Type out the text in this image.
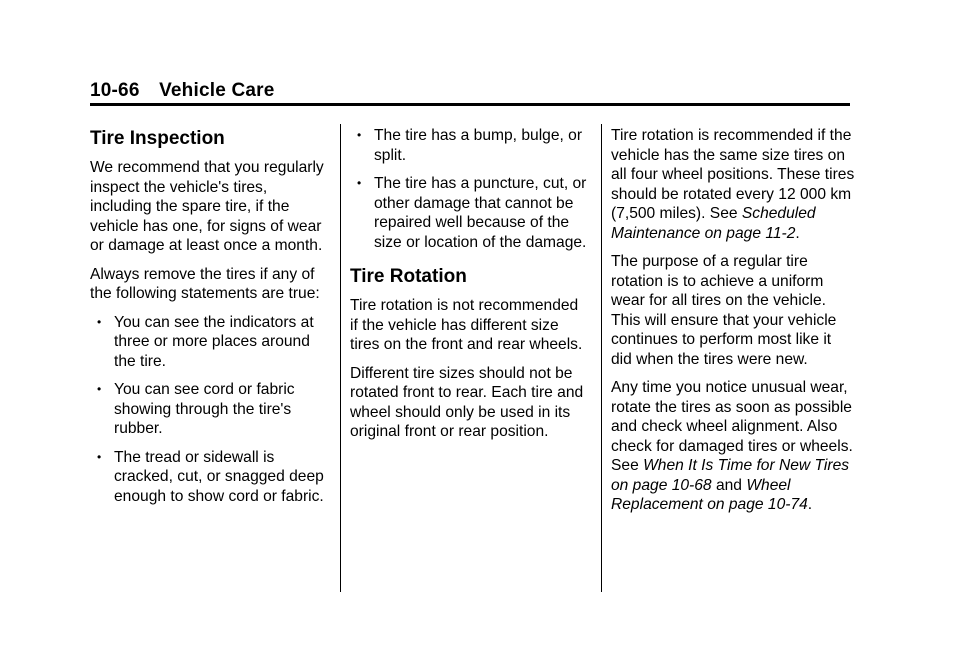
10-66 Vehicle Care
Tire Inspection

We recommend that you regularly inspect the vehicle's tires, including the spare tire, if the vehicle has one, for signs of wear or damage at least once a month.

Always remove the tires if any of the following statements are true:

• You can see the indicators at three or more places around the tire.
• You can see cord or fabric showing through the tire's rubber.
• The tread or sidewall is cracked, cut, or snagged deep enough to show cord or fabric.
• The tire has a bump, bulge, or split.
• The tire has a puncture, cut, or other damage that cannot be repaired well because of the size or location of the damage.
Tire Rotation

Tire rotation is not recommended if the vehicle has different size tires on the front and rear wheels.

Different tire sizes should not be rotated front to rear. Each tire and wheel should only be used in its original front or rear position.

Tire rotation is recommended if the vehicle has the same size tires on all four wheel positions. These tires should be rotated every 12 000 km (7,500 miles). See Scheduled Maintenance on page 11-2.

The purpose of a regular tire rotation is to achieve a uniform wear for all tires on the vehicle. This will ensure that your vehicle continues to perform most like it did when the tires were new.

Any time you notice unusual wear, rotate the tires as soon as possible and check wheel alignment. Also check for damaged tires or wheels. See When It Is Time for New Tires on page 10-68 and Wheel Replacement on page 10-74.
